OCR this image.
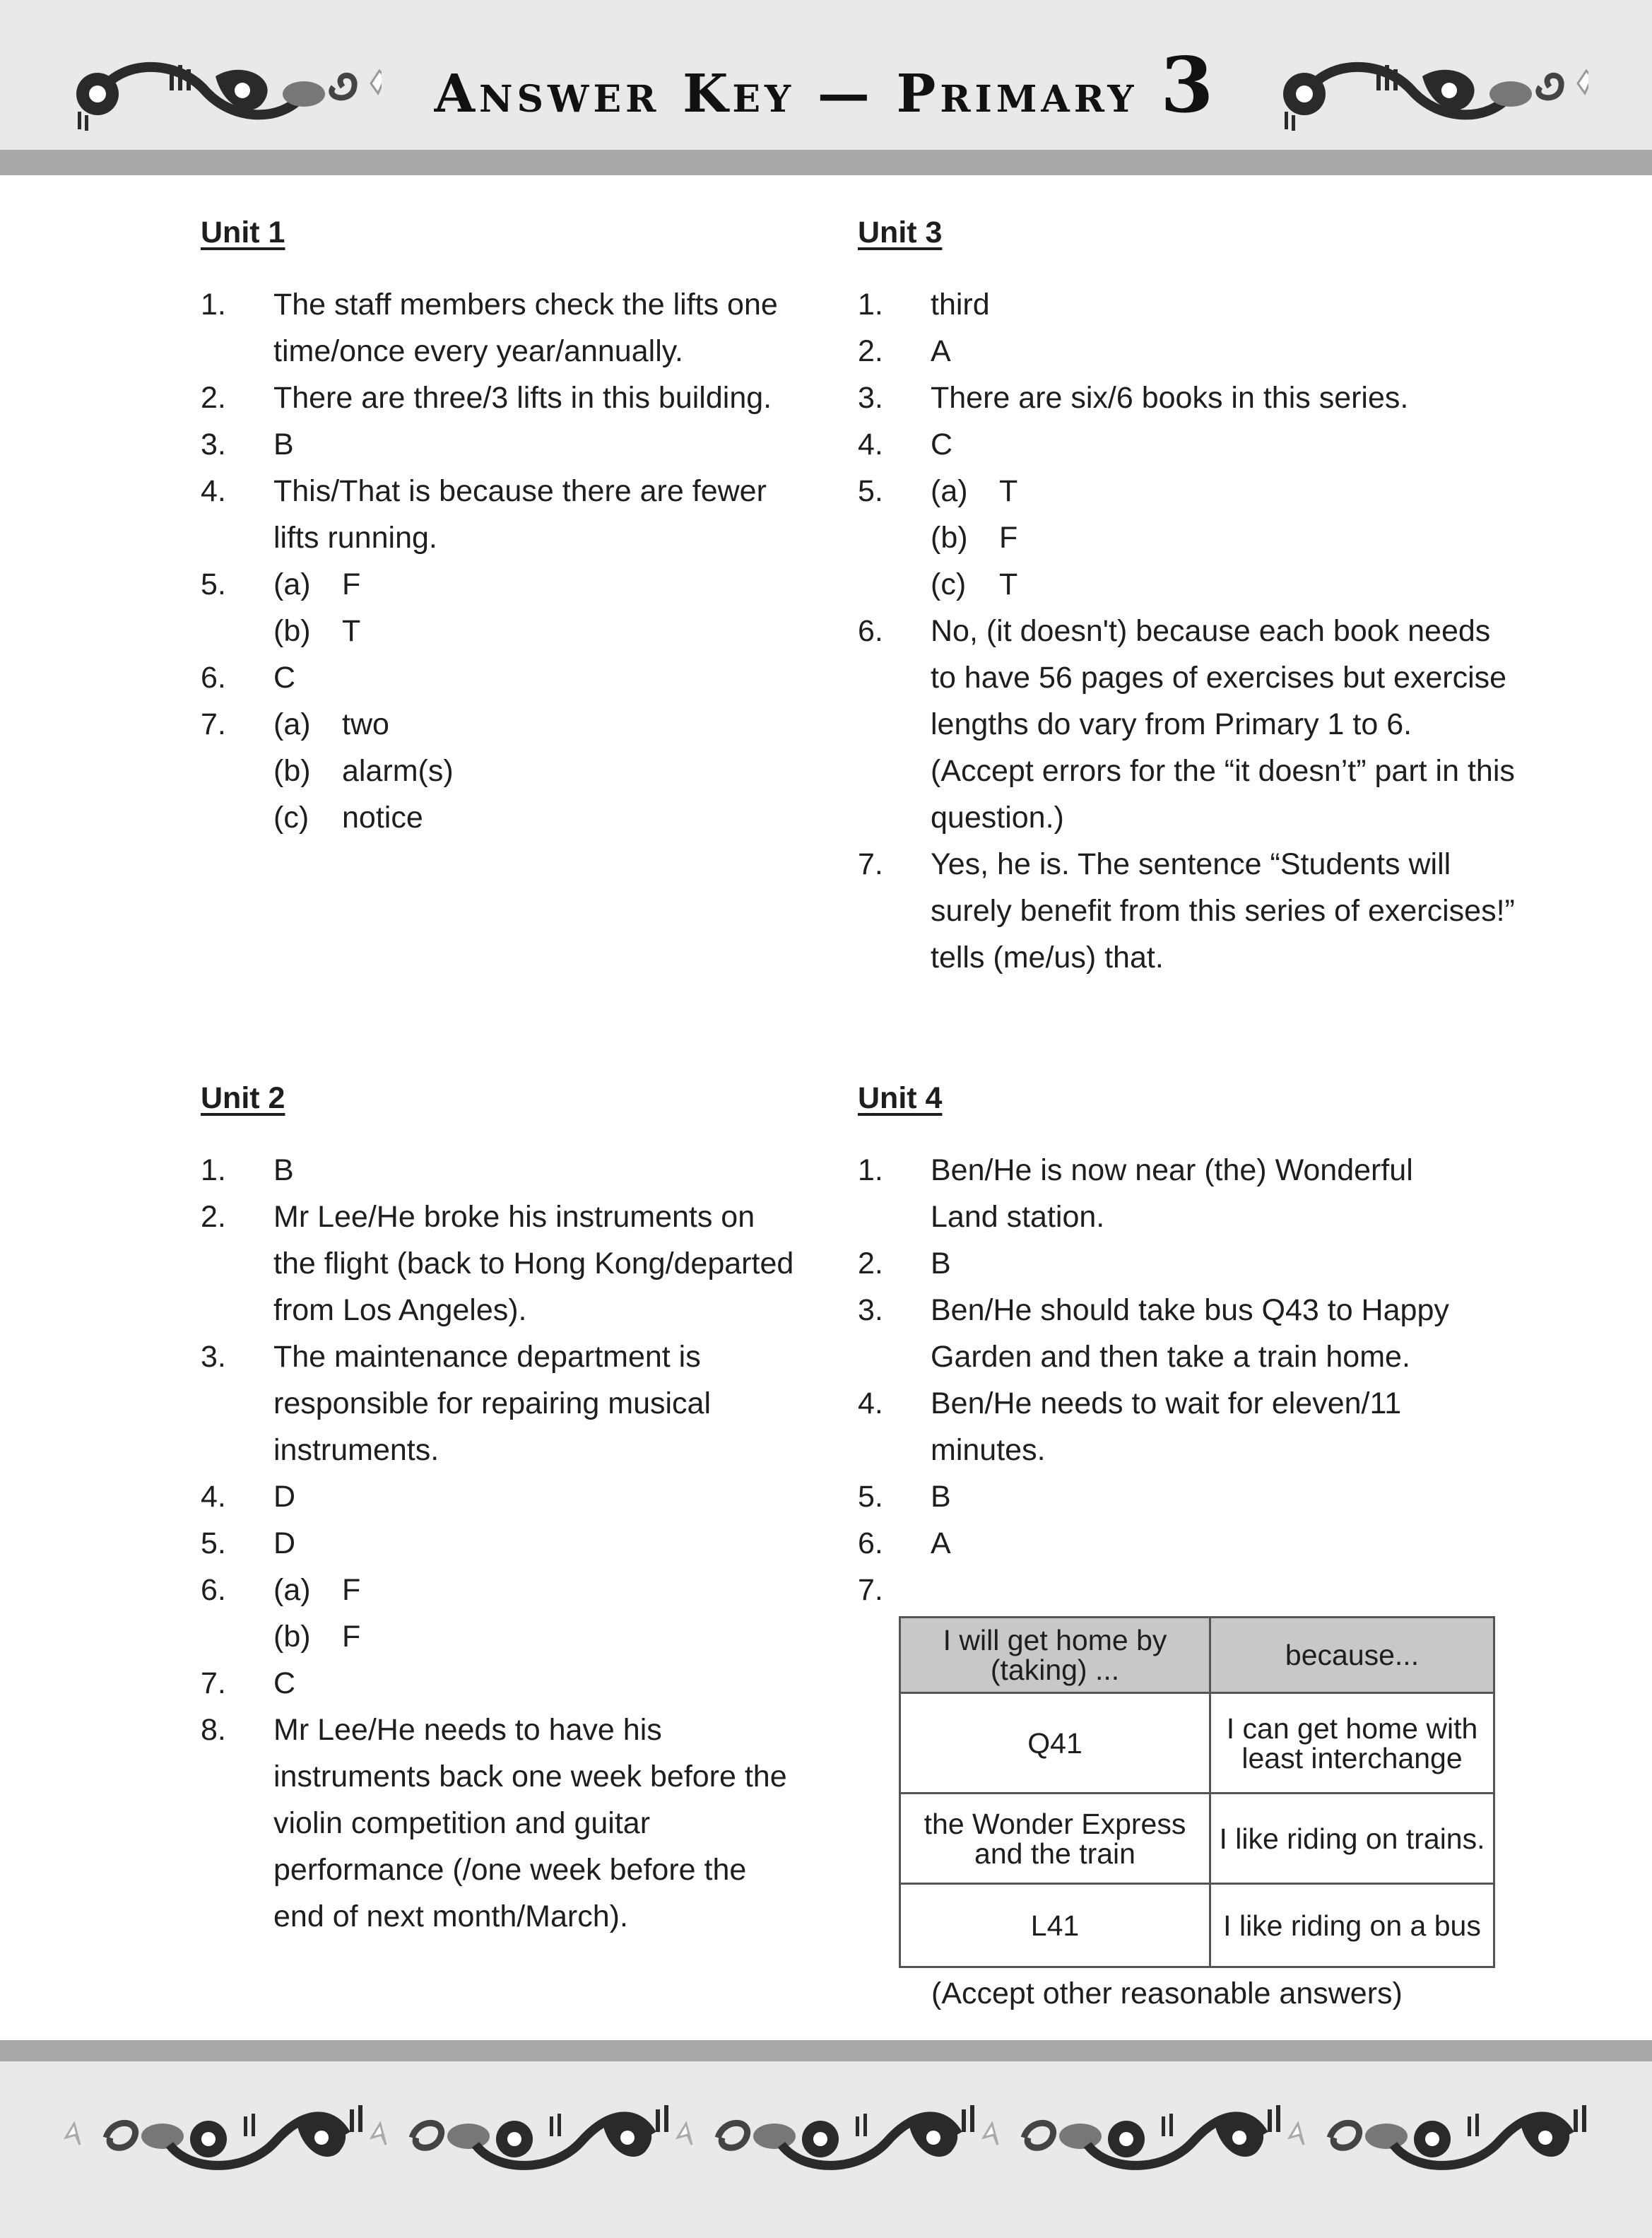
Answer Key — Primary 3
Unit 1
1. The staff members check the lifts one time/once every year/annually.
2. There are three/3 lifts in this building.
3. B
4. This/That is because there are fewer lifts running.
5. (a) F
(b) T
6. C
7. (a) two
(b) alarm(s)
(c) notice
Unit 3
1. third
2. A
3. There are six/6 books in this series.
4. C
5. (a) T
(b) F
(c) T
6. No, (it doesn't) because each book needs to have 56 pages of exercises but exercise lengths do vary from Primary 1 to 6.
(Accept errors for the “it doesn’t” part in this question.)
7. Yes, he is. The sentence “Students will surely benefit from this series of exercises!” tells (me/us) that.
Unit 2
1. B
2. Mr Lee/He broke his instruments on the flight (back to Hong Kong/departed from Los Angeles).
3. The maintenance department is responsible for repairing musical instruments.
4. D
5. D
6. (a) F
(b) F
7. C
8. Mr Lee/He needs to have his instruments back one week before the violin competition and guitar performance (/one week before the end of next month/March).
Unit 4
1. Ben/He is now near (the) Wonderful Land station.
2. B
3. Ben/He should take bus Q43 to Happy Garden and then take a train home.
4. Ben/He needs to wait for eleven/11 minutes.
5. B
6. A
7.
I will get home by (taking) ...	because...
Q41	I can get home with least interchange
the Wonder Express and the train	I like riding on trains.
L41	I like riding on a bus
(Accept other reasonable answers)
